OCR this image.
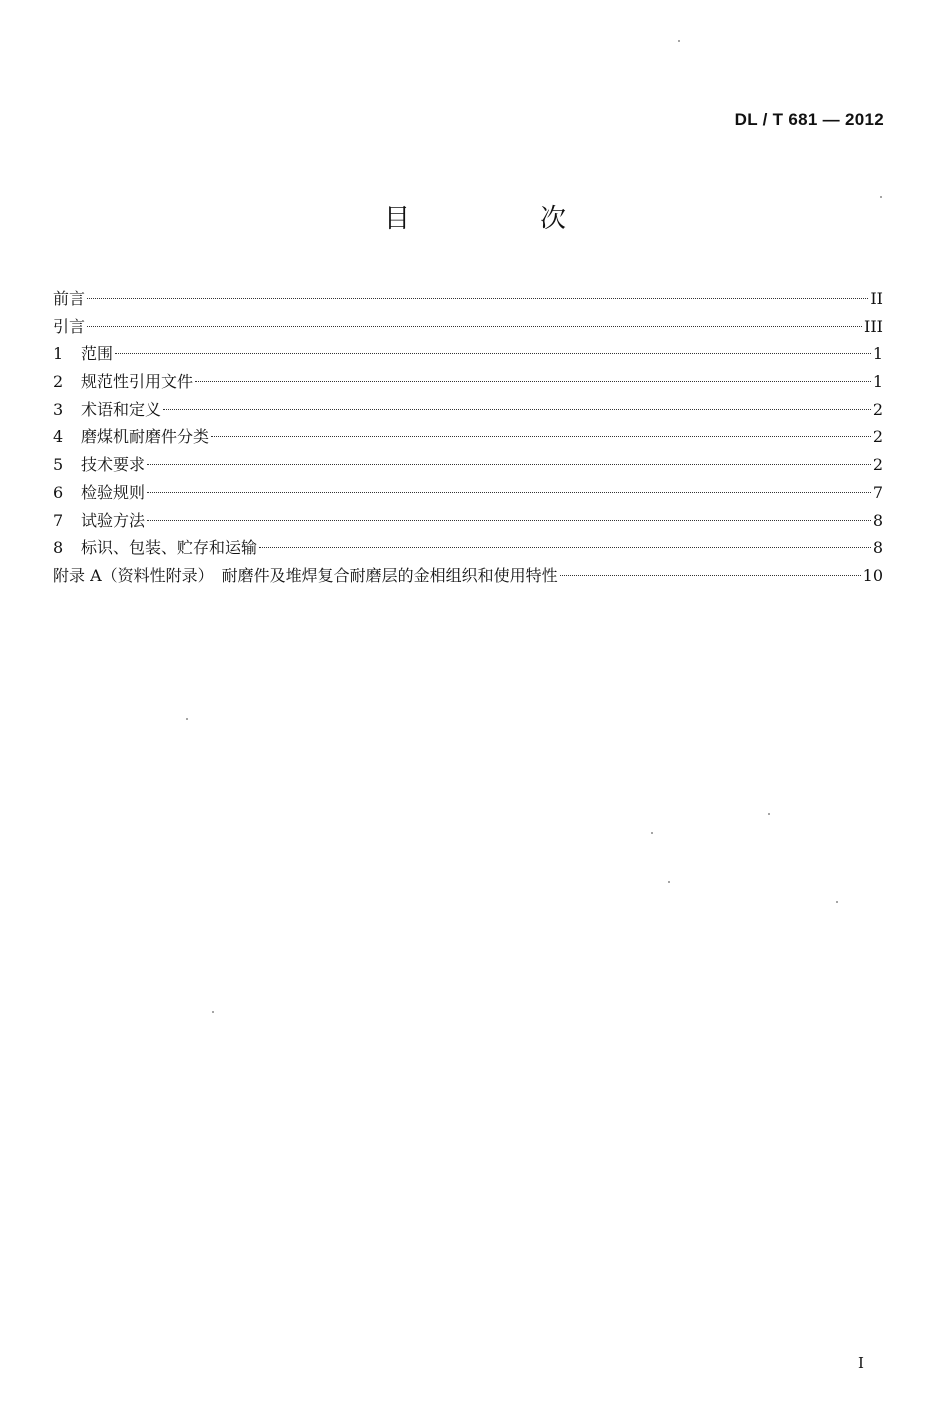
DL / T 681 — 2012
目　次
前言	II
引言	III
1	范围	1
2	规范性引用文件	1
3	术语和定义	2
4	磨煤机耐磨件分类	2
5	技术要求	2
6	检验规则	7
7	试验方法	8
8	标识、包装、贮存和运输	8
附录 A（资料性附录）　耐磨件及堆焊复合耐磨层的金相组织和使用特性	10
I
